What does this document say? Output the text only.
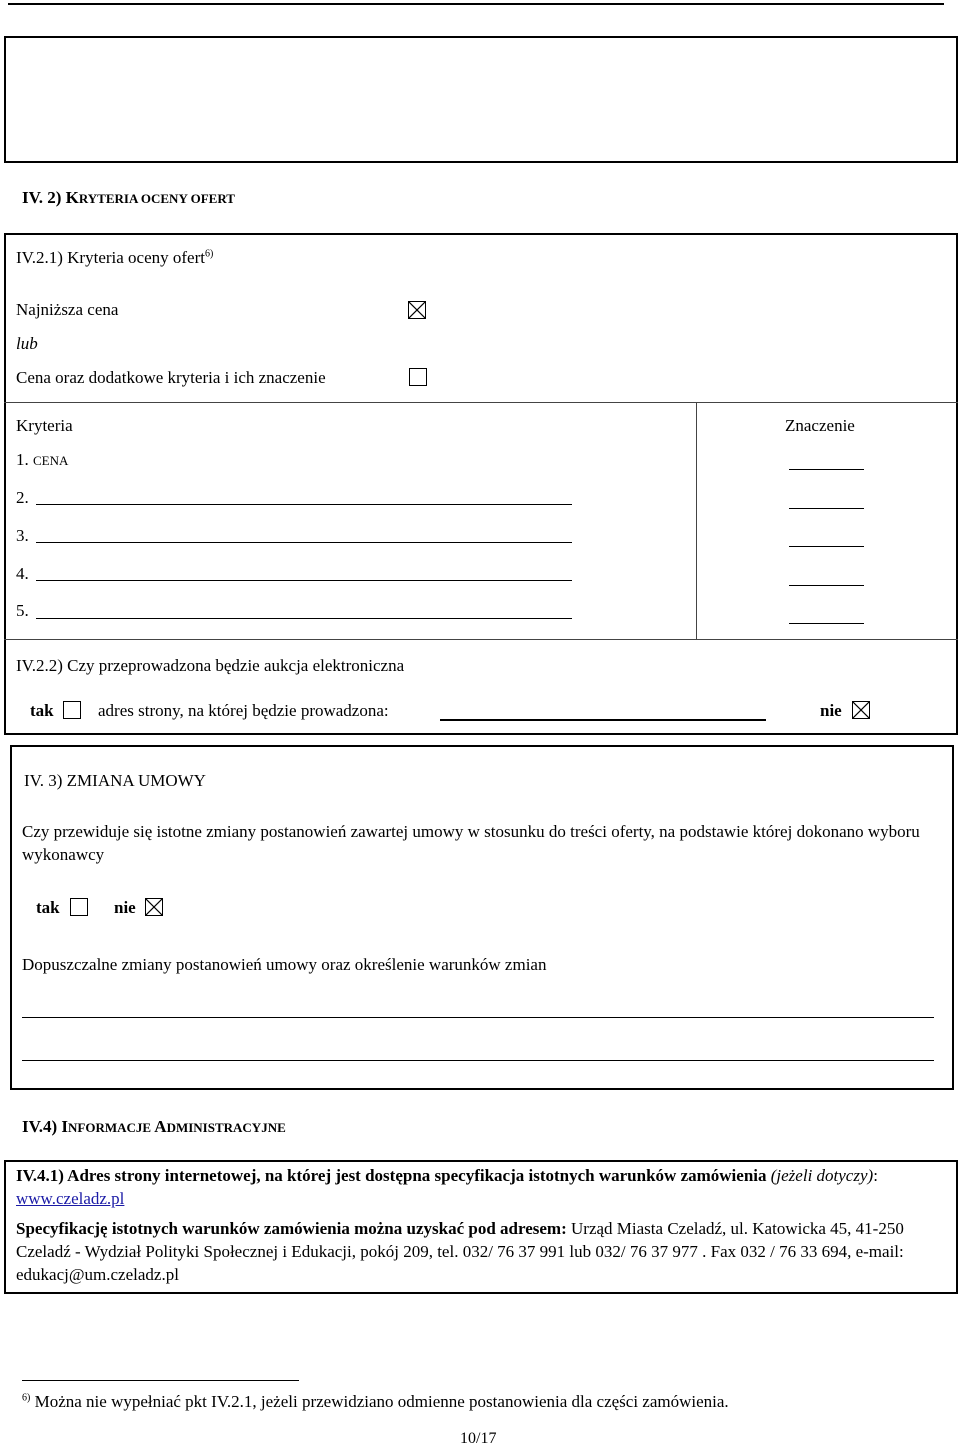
IV. 2) KRYTERIA OCENY OFERT
IV.2.1) Kryteria oceny ofert$^{6)}$
Najniższa cena
lub
Cena oraz dodatkowe kryteria i ich znaczenie
Kryteria	Znaczenie
1. CENA
2.
3.
4.
5.
IV.2.2) Czy przeprowadzona będzie aukcja elektroniczna
tak	adres strony, na której będzie prowadzona:	nie
IV. 3) ZMIANA UMOWY
Czy przewiduje się istotne zmiany postanowień zawartej umowy w stosunku do treści oferty, na podstawie której dokonano wyboru wykonawcy
tak	nie
Dopuszczalne zmiany postanowień umowy oraz określenie warunków zmian
IV.4) INFORMACJE ADMINISTRACYJNE
IV.4.1) Adres strony internetowej, na której jest dostępna specyfikacja istotnych warunków zamówienia (jeżeli dotyczy): www.czeladz.pl
Specyfikację istotnych warunków zamówienia można uzyskać pod adresem: Urząd Miasta Czeladź, ul. Katowicka 45, 41-250 Czeladź - Wydział Polityki Społecznej i Edukacji, pokój 209, tel. 032/ 76 37 991 lub 032/ 76 37 977 . Fax 032 / 76 33 694, e-mail: edukacj@um.czeladz.pl
$^{6)}$ Można nie wypełniać pkt IV.2.1, jeżeli przewidziano odmienne postanowienia dla części zamówienia.
10/17
